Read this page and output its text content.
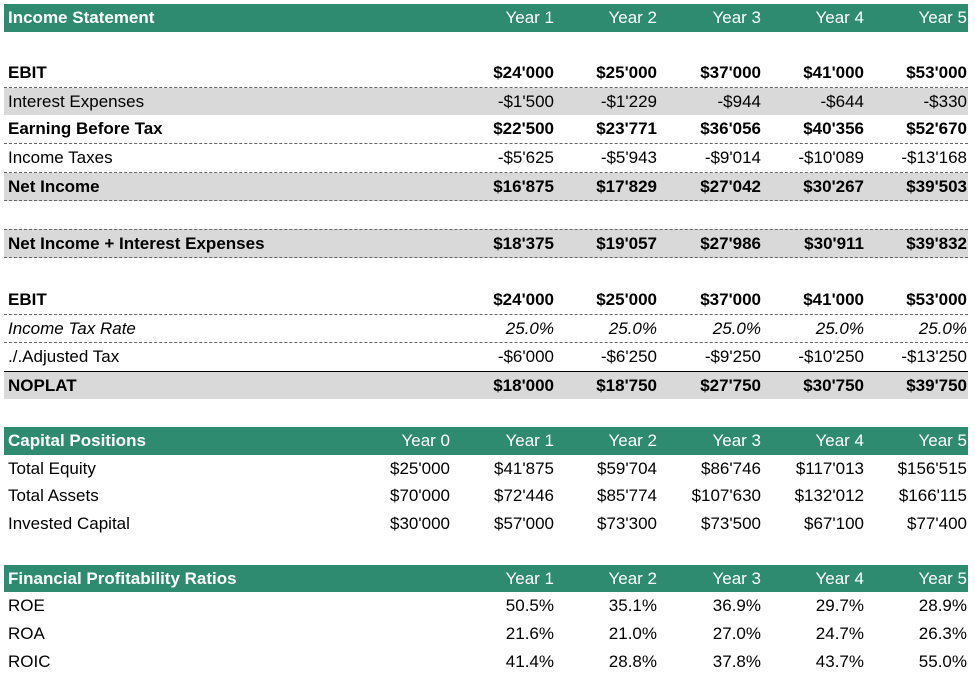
Income Statement	Year 1	Year 2	Year 3	Year 4	Year 5
EBIT	$24'000	$25'000	$37'000	$41'000	$53'000
Interest Expenses	-$1'500	-$1'229	-$944	-$644	-$330
Earning Before Tax	$22'500	$23'771	$36'056	$40'356	$52'670
Income Taxes	-$5'625	-$5'943	-$9'014	-$10'089	-$13'168
Net Income	$16'875	$17'829	$27'042	$30'267	$39'503
Net Income + Interest Expenses	$18'375	$19'057	$27'986	$30'911	$39'832
EBIT	$24'000	$25'000	$37'000	$41'000	$53'000
Income Tax Rate	25.0%	25.0%	25.0%	25.0%	25.0%
./.Adjusted Tax	-$6'000	-$6'250	-$9'250	-$10'250	-$13'250
NOPLAT	$18'000	$18'750	$27'750	$30'750	$39'750
Capital Positions	Year 0	Year 1	Year 2	Year 3	Year 4	Year 5
Total Equity	$25'000	$41'875	$59'704	$86'746	$117'013	$156'515
Total Assets	$70'000	$72'446	$85'774	$107'630	$132'012	$166'115
Invested Capital	$30'000	$57'000	$73'300	$73'500	$67'100	$77'400
Financial Profitability Ratios	Year 1	Year 2	Year 3	Year 4	Year 5
ROE	50.5%	35.1%	36.9%	29.7%	28.9%
ROA	21.6%	21.0%	27.0%	24.7%	26.3%
ROIC	41.4%	28.8%	37.8%	43.7%	55.0%
